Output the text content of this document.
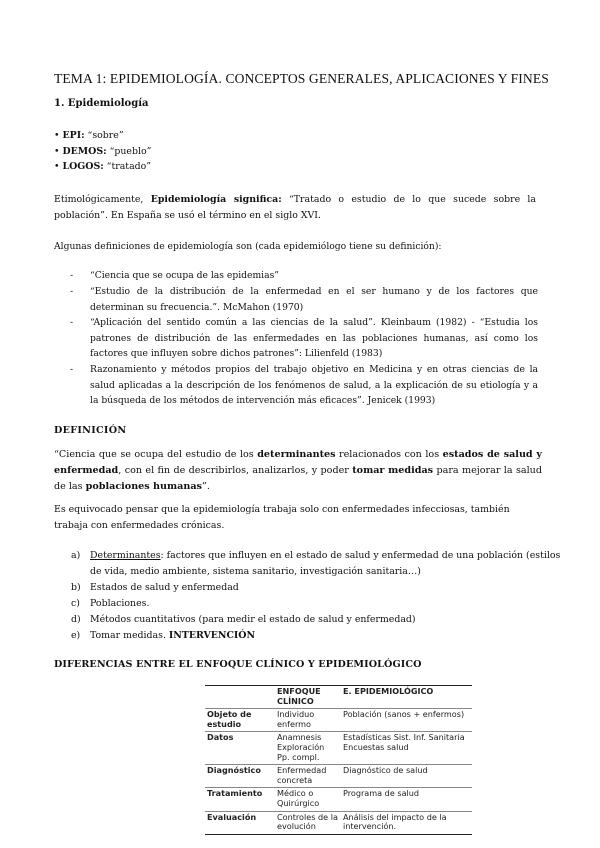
TEMA 1: EPIDEMIOLOGÍA. CONCEPTOS GENERALES, APLICACIONES Y FINES
1. Epidemiología
• EPI: “sobre”
• DEMOS: “pueblo”
• LOGOS: “tratado”
Etimológicamente, Epidemiología significa: “Tratado o estudio de lo que sucede sobre la población”. En España se usó el término en el siglo XVI.
Algunas definiciones de epidemiología son (cada epidemiólogo tiene su definición):
- “Ciencia que se ocupa de las epidemias”
- “Estudio de la distribución de la enfermedad en el ser humano y de los factores que determinan su frecuencia.”. McMahon (1970)
- “Aplicación del sentido común a las ciencias de la salud”. Kleinbaum (1982) - “Estudia los patrones de distribución de las enfermedades en las poblaciones humanas, así como los factores que influyen sobre dichos patrones”: Lilienfeld (1983)
- Razonamiento y métodos propios del trabajo objetivo en Medicina y en otras ciencias de la salud aplicadas a la descripción de los fenómenos de salud, a la explicación de su etiología y a la búsqueda de los métodos de intervención más eficaces”. Jenicek (1993)
DEFINICIÓN
“Ciencia que se ocupa del estudio de los determinantes relacionados con los estados de salud y enfermedad, con el fin de describirlos, analizarlos, y poder tomar medidas para mejorar la salud de las poblaciones humanas”.
Es equivocado pensar que la epidemiología trabaja solo con enfermedades infecciosas, también trabaja con enfermedades crónicas.
a) Determinantes: factores que influyen en el estado de salud y enfermedad de una población (estilos
de vida, medio ambiente, sistema sanitario, investigación sanitaria…)
b) Estados de salud y enfermedad
c) Poblaciones.
d) Métodos cuantitativos (para medir el estado de salud y enfermedad)
e) Tomar medidas. INTERVENCIÓN
DIFERENCIAS ENTRE EL ENFOQUE CLÍNICO Y EPIDEMIOLÓGICO
	ENFOQUE CLÍNICO	E. EPIDEMIOLÓGICO
Objeto de estudio	Individuo enfermo	Población (sanos + enfermos)
Datos	Anamnesis Exploración Pp. compl.	Estadísticas Sist. Inf. Sanitaria Encuestas salud
Diagnóstico	Enfermedad concreta	Diagnóstico de salud
Tratamiento	Médico o Quirúrgico	Programa de salud
Evaluación	Controles de la evolución	Análisis del impacto de la intervención.
